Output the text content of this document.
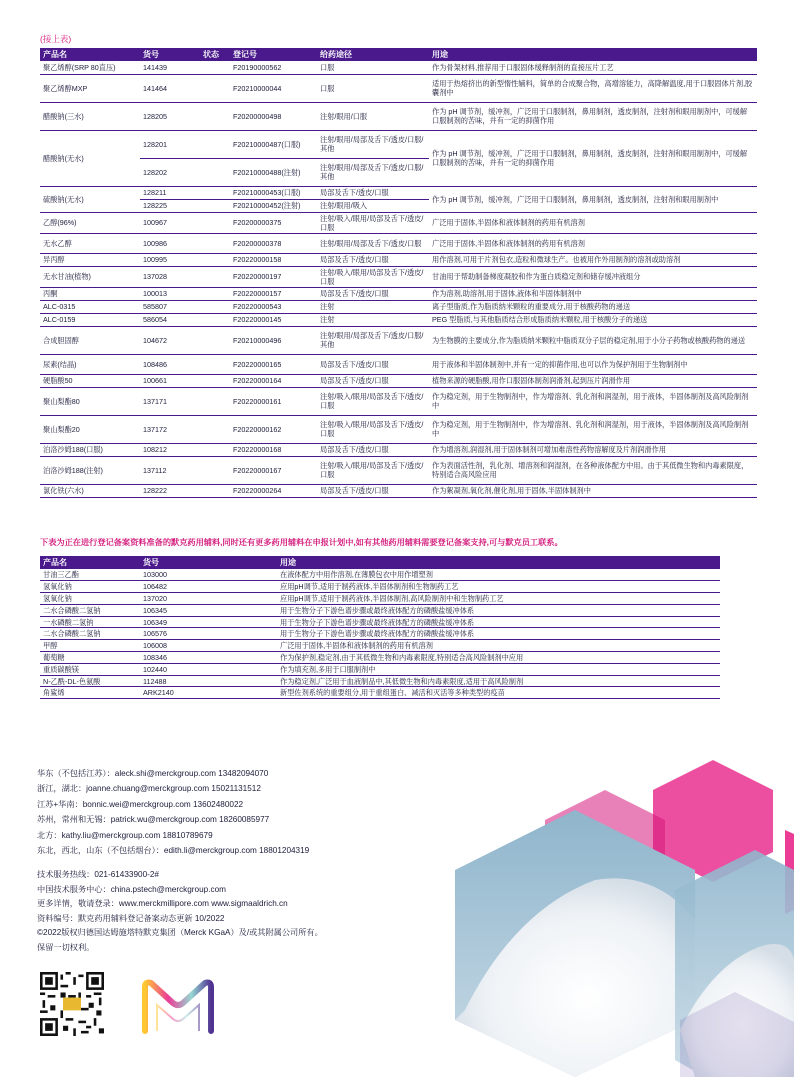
(接上表)
产品名	货号	状态	登记号	给药途径	用途
聚乙烯醇(SRP 80直压)	141439		F20190000562	口服	作为骨架材料,推荐用于口服固体缓释制剂的直接压片工艺
聚乙烯醇MXP	141464		F20210000044	口服	适用于热熔挤出的新型惰性辅料，简单的合成聚合物，高增溶能力，高降解温度,用于口服固体片剂,胶囊剂中
醋酸钠(三水)	128205		F20200000498	注射/眼用/口服	作为 pH 调节剂，缓冲剂，广泛用于口服制剂，鼻用制剂，透皮制剂，注射剂和眼用制剂中，可缓解口服制剂的苦味，并有一定的抑菌作用
醋酸钠(无水)	128201		F20210000487(口服)	注射/眼用/局部及舌下/透皮/口服/其他	作为 pH 调节剂，缓冲剂，广泛用于口服制剂，鼻用制剂，透皮制剂，注射剂和眼用制剂中，可缓解口服制剂的苦味，并有一定的抑菌作用
	128202		F20210000488(注射)	注射/眼用/局部及舌下/透皮/口服/其他	
硫酸钠(无水)	128211		F20210000453(口服)	局部及舌下/透皮/口服	作为 pH 调节剂，缓冲剂，广泛用于口服制剂，鼻用制剂，透皮制剂，注射剂和眼用制剂中
	128225		F20210000452(注射)	注射/眼用/吸入	
乙醇(96%)	100967		F20200000375	注射/吸入/眼用/局部及舌下/透皮/口服	广泛用于固体,半固体和液体制剂的药用有机溶剂
无水乙醇	100986		F20200000378	注射/眼用/局部及舌下/透皮/口服	广泛用于固体,半固体和液体制剂的药用有机溶剂
异丙醇	100995		F20220000158	局部及舌下/透皮/口服	用作溶剂,可用于片剂包衣,造粒和微球生产。也被用作外用制剂的溶剂或助溶剂
无水甘油(植物)	137028		F20220000197	注射/吸入/眼用/局部及舌下/透皮/口服	甘油用于帮助制备梯度凝胶和作为蛋白质稳定剂和储存缓冲液组分
丙酮	100013		F20220000157	局部及舌下/透皮/口服	作为溶剂,助溶剂,用于固体,液体和半固体制剂中
ALC-0315	585807		F20220000543	注射	离子型脂质,作为脂质纳米颗粒的重要成分,用于核酸药物的递送
ALC-0159	586054		F20220000145	注射	PEG 型脂质,与其他脂质结合形成脂质纳米颗粒,用于核酸分子的递送
合成胆固醇	104672		F20210000496	注射/眼用/局部及舌下/透皮/口服/其他	为生物膜的主要成分,作为脂质纳米颗粒中脂质双分子层的稳定剂,用于小分子药物或核酸药物的递送
尿素(结晶)	108486		F20220000165	局部及舌下/透皮/口服	用于液体和半固体制剂中,并有一定的抑菌作用,也可以作为保护剂用于生物制剂中
硬脂酸50	100661		F20220000164	局部及舌下/透皮/口服	植物来源的硬脂酸,用作口服固体制剂润滑剂,起到压片润滑作用
聚山梨酯80	137171		F20220000161	注射/吸入/眼用/局部及舌下/透皮/口服	作为稳定剂，用于生物制剂中，作为增溶剂、乳化剂和润湿剂，用于液体，半固体制剂及高风险制剂中
聚山梨酯20	137172		F20220000162	注射/吸入/眼用/局部及舌下/透皮/口服	作为稳定剂，用于生物制剂中，作为增溶剂、乳化剂和润湿剂，用于液体，半固体制剂及高风险制剂中
泊洛沙姆188(口服)	108212		F20220000168	局部及舌下/透皮/口服	作为增溶剂,润湿剂,用于固体制剂可增加难溶性药物溶解度及片剂润滑作用
泊洛沙姆188(注射)	137112		F20220000167	注射/吸入/眼用/局部及舌下/透皮/口服	作为表面活性剂，乳化剂、增溶剂和润湿剂，在各种液体配方中用。由于其低微生物和内毒素限度，特别适合高风险应用
氯化铁(六水)	128222		F20220000264	局部及舌下/透皮/口服	作为絮凝剂,氧化剂,催化剂,用于固体,半固体制剂中
下表为正在进行登记备案资料准备的默克药用辅料,同时还有更多药用辅料在申报计划中,如有其他药用辅料需要登记备案支持,可与默克员工联系。
产品名	货号	用途
甘油三乙酯	103000	在液体配方中用作溶剂,在薄膜包衣中用作增塑剂
氢氧化钠	106482	应用pH调节,适用于制药液体,半固体制剂和生物制药工艺
氢氧化钠	137020	应用pH调节,适用于制药液体,半固体制剂,高风险制剂中和生物制药工艺
二水合磷酸二氢钠	106345	用于生物分子下游色谱步骤或最终液体配方的磷酸盐缓冲体系
一水磷酸二氢钠	106349	用于生物分子下游色谱步骤或最终液体配方的磷酸盐缓冲体系
二水合磷酸二氢钠	106576	用于生物分子下游色谱步骤或最终液体配方的磷酸盐缓冲体系
甲醇	106008	广泛用于固体,半固体和液体制剂的药用有机溶剂
葡萄糖	108346	作为保护剂,稳定剂,由于其低微生物和内毒素限度,特别适合高风险制剂中应用
重质碳酸镁	102440	作为填充剂,多用于口服制剂中
N-乙酰-DL-色氨酸	112488	作为稳定剂,广泛用于血液制品中,其低微生物和内毒素限度,适用于高风险制剂
角鲨烯	ARK2140	新型佐剂系统的重要组分,用于重组蛋白、减活和灭活等多种类型的疫苗
华东（不包括江苏）：aleck.shi@merckgroup.com 13482094070
浙江，湖北：joanne.chuang@merckgroup.com 15021131512
江苏+华南：bonnic.wei@merckgroup.com 13602480022
苏州，常州和无锡：patrick.wu@merckgroup.com 18260085977
北方：kathy.liu@merckgroup.com 18810789679
东北，西北，山东（不包括烟台）：edith.li@merckgroup.com 18801204319
技术服务热线：021-61433900-2#
中国技术服务中心：china.pstech@merckgroup.com
更多详情，敬请登录：www.merckmillipore.com www.sigmaaldrich.cn
资料编号：默克药用辅料登记备案动态更新 10/2022
©2022版权归德国达姆施塔特默克集团（Merck KGaA）及/或其附属公司所有。
保留一切权利。
